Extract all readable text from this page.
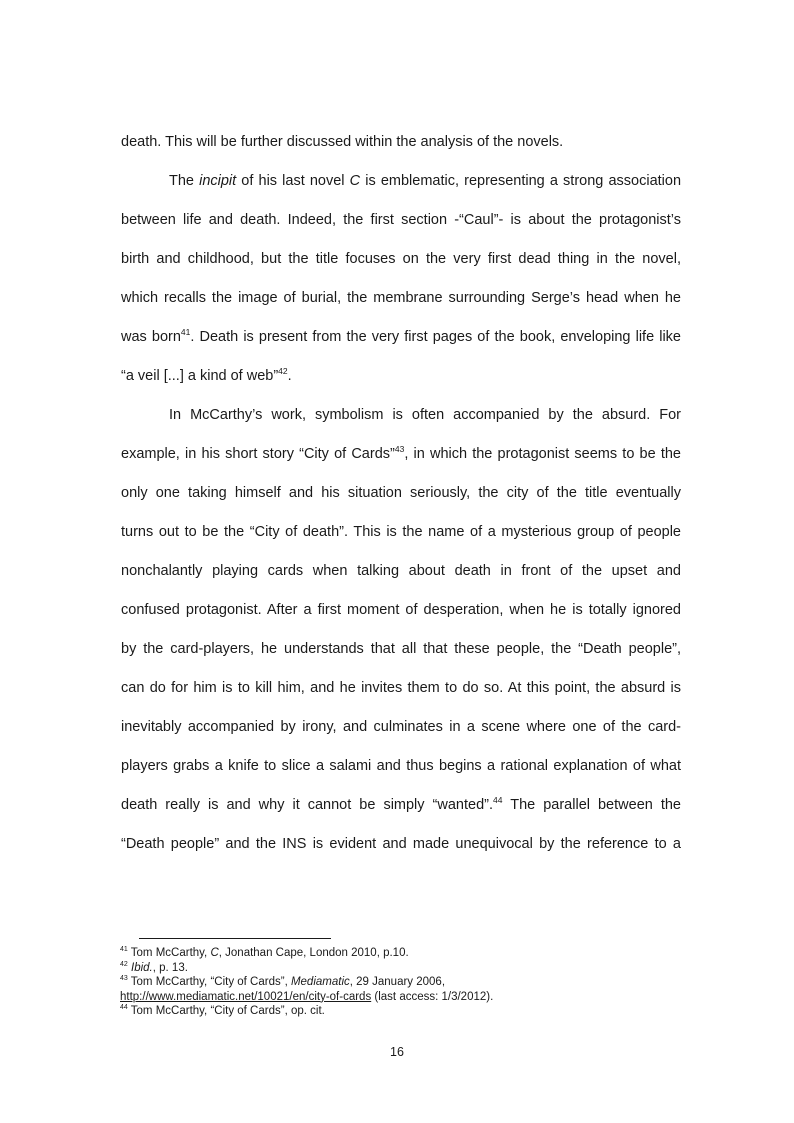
death. This will be further discussed within the analysis of the novels.
The incipit of his last novel C is emblematic, representing a strong association
between life and death. Indeed, the first section -“Caul”- is about the protagonist’s
birth and childhood, but the title focuses on the very first dead thing in the novel,
which recalls the image of burial, the membrane surrounding Serge’s head when he
was born$^{41}$. Death is present from the very first pages of the book, enveloping life like
“a veil [...] a kind of web”$^{42}$.
In McCarthy’s work, symbolism is often accompanied by the absurd. For
example, in his short story “City of Cards”$^{43}$, in which the protagonist seems to be the
only one taking himself and his situation seriously, the city of the title eventually
turns out to be the “City of death”. This is the name of a mysterious group of people
nonchalantly playing cards when talking about death in front of the upset and
confused protagonist. After a first moment of desperation, when he is totally ignored
by the card-players, he understands that all that these people, the “Death people”,
can do for him is to kill him, and he invites them to do so. At this point, the absurd is
inevitably accompanied by irony, and culminates in a scene where one of the card-
players grabs a knife to slice a salami and thus begins a rational explanation of what
death really is and why it cannot be simply “wanted”.$^{44}$ The parallel between the
“Death people” and the INS is evident and made unequivocal by the reference to a
$^{41}$ Tom McCarthy, C, Jonathan Cape, London 2010, p.10.
$^{42}$ Ibid., p. 13.
$^{43}$ Tom McCarthy, “City of Cards”, Mediamatic, 29 January 2006,
http://www.mediamatic.net/10021/en/city-of-cards (last access: 1/3/2012).
$^{44}$ Tom McCarthy, “City of Cards”, op. cit.
16
